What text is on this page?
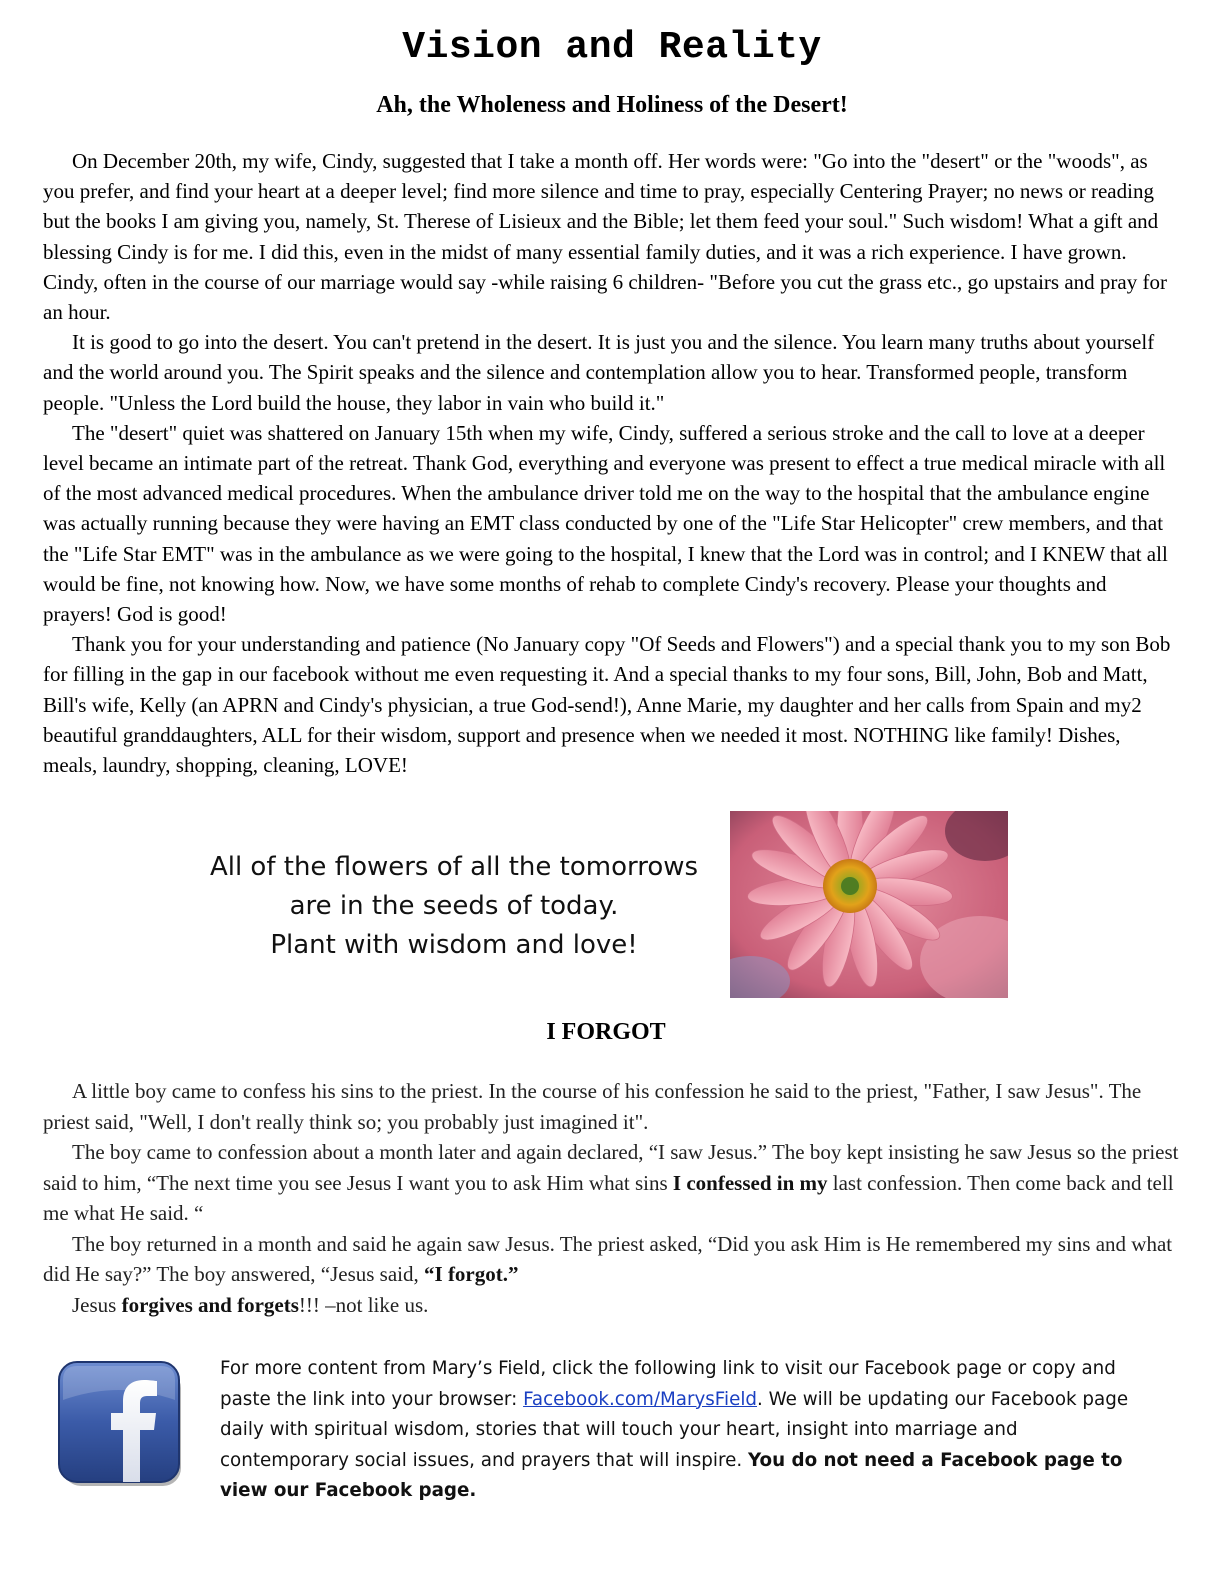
Vision and Reality
Ah, the Wholeness and Holiness of the Desert!

On December 20th, my wife, Cindy, suggested that I take a month off. Her words were: "Go into the "desert" or the "woods", as you prefer, and find your heart at a deeper level; find more silence and time to pray, especially Centering Prayer; no news or reading but the books I am giving you, namely, St. Therese of Lisieux and the Bible; let them feed your soul." Such wisdom! What a gift and blessing Cindy is for me. I did this, even in the midst of many essential family duties, and it was a rich experience. I have grown. Cindy, often in the course of our marriage would say -while raising 6 children- "Before you cut the grass etc., go upstairs and pray for an hour.

It is good to go into the desert. You can't pretend in the desert. It is just you and the silence. You learn many truths about yourself and the world around you. The Spirit speaks and the silence and contemplation allow you to hear. Transformed people, transform people. "Unless the Lord build the house, they labor in vain who build it."

The "desert" quiet was shattered on January 15th when my wife, Cindy, suffered a serious stroke and the call to love at a deeper level became an intimate part of the retreat. Thank God, everything and everyone was present to effect a true medical miracle with all of the most advanced medical procedures. When the ambulance driver told me on the way to the hospital that the ambulance engine was actually running because they were having an EMT class conducted by one of the "Life Star Helicopter" crew members, and that the "Life Star EMT" was in the ambulance as we were going to the hospital, I knew that the Lord was in control; and I KNEW that all would be fine, not knowing how. Now, we have some months of rehab to complete Cindy's recovery. Please your thoughts and prayers! God is good!

Thank you for your understanding and patience (No January copy "Of Seeds and Flowers") and a special thank you to my son Bob for filling in the gap in our facebook without me even requesting it. And a special thanks to my four sons, Bill, John, Bob and Matt, Bill's wife, Kelly (an APRN and Cindy's physician, a true God-send!), Anne Marie, my daughter and her calls from Spain and my2 beautiful granddaughters, ALL for their wisdom, support and presence when we needed it most. NOTHING like family! Dishes, meals, laundry, shopping, cleaning, LOVE!

All of the flowers of all the tomorrows
are in the seeds of today.
Plant with wisdom and love!
I FORGOT

A little boy came to confess his sins to the priest. In the course of his confession he said to the priest, "Father, I saw Jesus". The priest said, "Well, I don't really think so; you probably just imagined it".

The boy came to confession about a month later and again declared, “I saw Jesus.” The boy kept insisting he saw Jesus so the priest said to him, “The next time you see Jesus I want you to ask Him what sins I confessed in my last confession. Then come back and tell me what He said. “

The boy returned in a month and said he again saw Jesus. The priest asked, “Did you ask Him is He remembered my sins and what did He say?” The boy answered, “Jesus said, “I forgot.”

Jesus forgives and forgets!!! –not like us.

For more content from Mary’s Field, click the following link to visit our Facebook page or copy and paste the link into your browser: Facebook.com/MarysField. We will be updating our Facebook page daily with spiritual wisdom, stories that will touch your heart, insight into marriage and contemporary social issues, and prayers that will inspire. You do not need a Facebook page to view our Facebook page.
